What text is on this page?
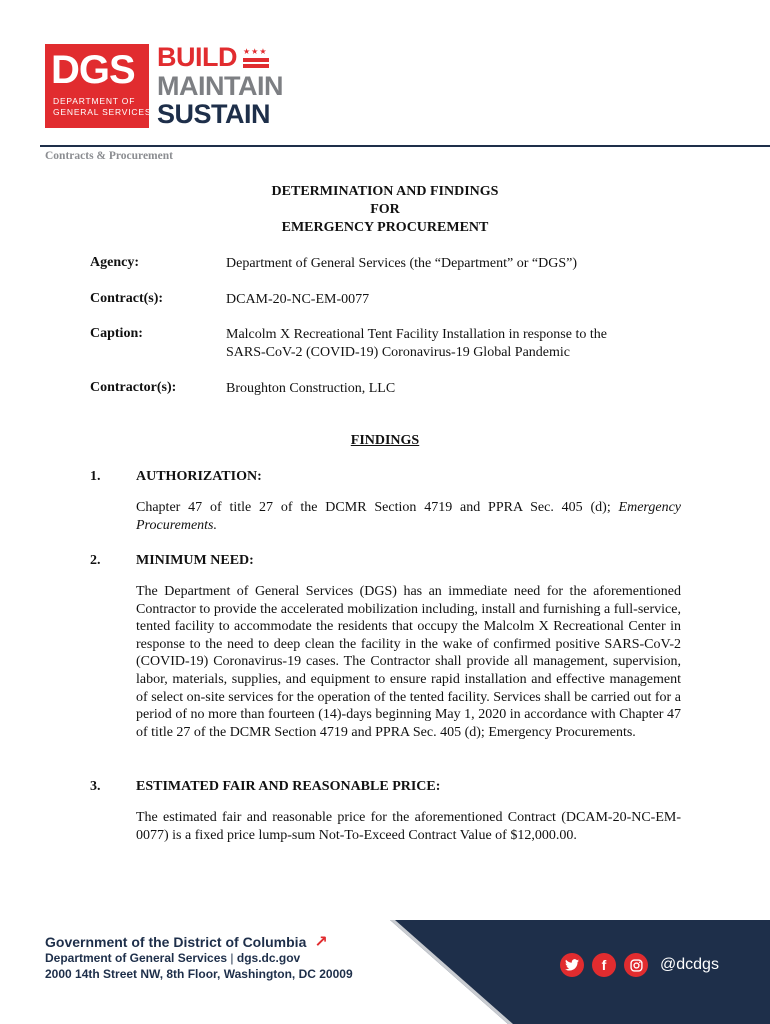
DGS
DEPARTMENT OF
GENERAL SERVICES
BUILD ★★★
MAINTAIN
SUSTAIN
Contracts & Procurement
DETERMINATION AND FINDINGS
FOR
EMERGENCY PROCUREMENT
Agency:	Department of General Services (the “Department” or “DGS”)
Contract(s):	DCAM-20-NC-EM-0077
Caption:	Malcolm X Recreational Tent Facility Installation in response to the
SARS-CoV-2 (COVID-19) Coronavirus-19 Global Pandemic
Contractor(s):	Broughton Construction, LLC
FINDINGS
1.	AUTHORIZATION:
Chapter 47 of title 27 of the DCMR Section 4719 and PPRA Sec. 405 (d); Emergency Procurements.
2.	MINIMUM NEED:
The Department of General Services (DGS) has an immediate need for the aforementioned Contractor to provide the accelerated mobilization including, install and furnishing a full-service, tented facility to accommodate the residents that occupy the Malcolm X Recreational Center in response to the need to deep clean the facility in the wake of confirmed positive SARS-CoV-2 (COVID-19) Coronavirus-19 cases. The Contractor shall provide all management, supervision, labor, materials, supplies, and equipment to ensure rapid installation and effective management of select on-site services for the operation of the tented facility. Services shall be carried out for a period of no more than fourteen (14)-days beginning May 1, 2020 in accordance with Chapter 47 of title 27 of the DCMR Section 4719 and PPRA Sec. 405 (d); Emergency Procurements.
3.	ESTIMATED FAIR AND REASONABLE PRICE:
The estimated fair and reasonable price for the aforementioned Contract (DCAM-20-NC-EM-0077) is a fixed price lump-sum Not-To-Exceed Contract Value of $12,000.00.
Government of the District of Columbia ↗
Department of General Services | dgs.dc.gov
2000 14th Street NW, 8th Floor, Washington, DC 20009
f	@dcdgs
